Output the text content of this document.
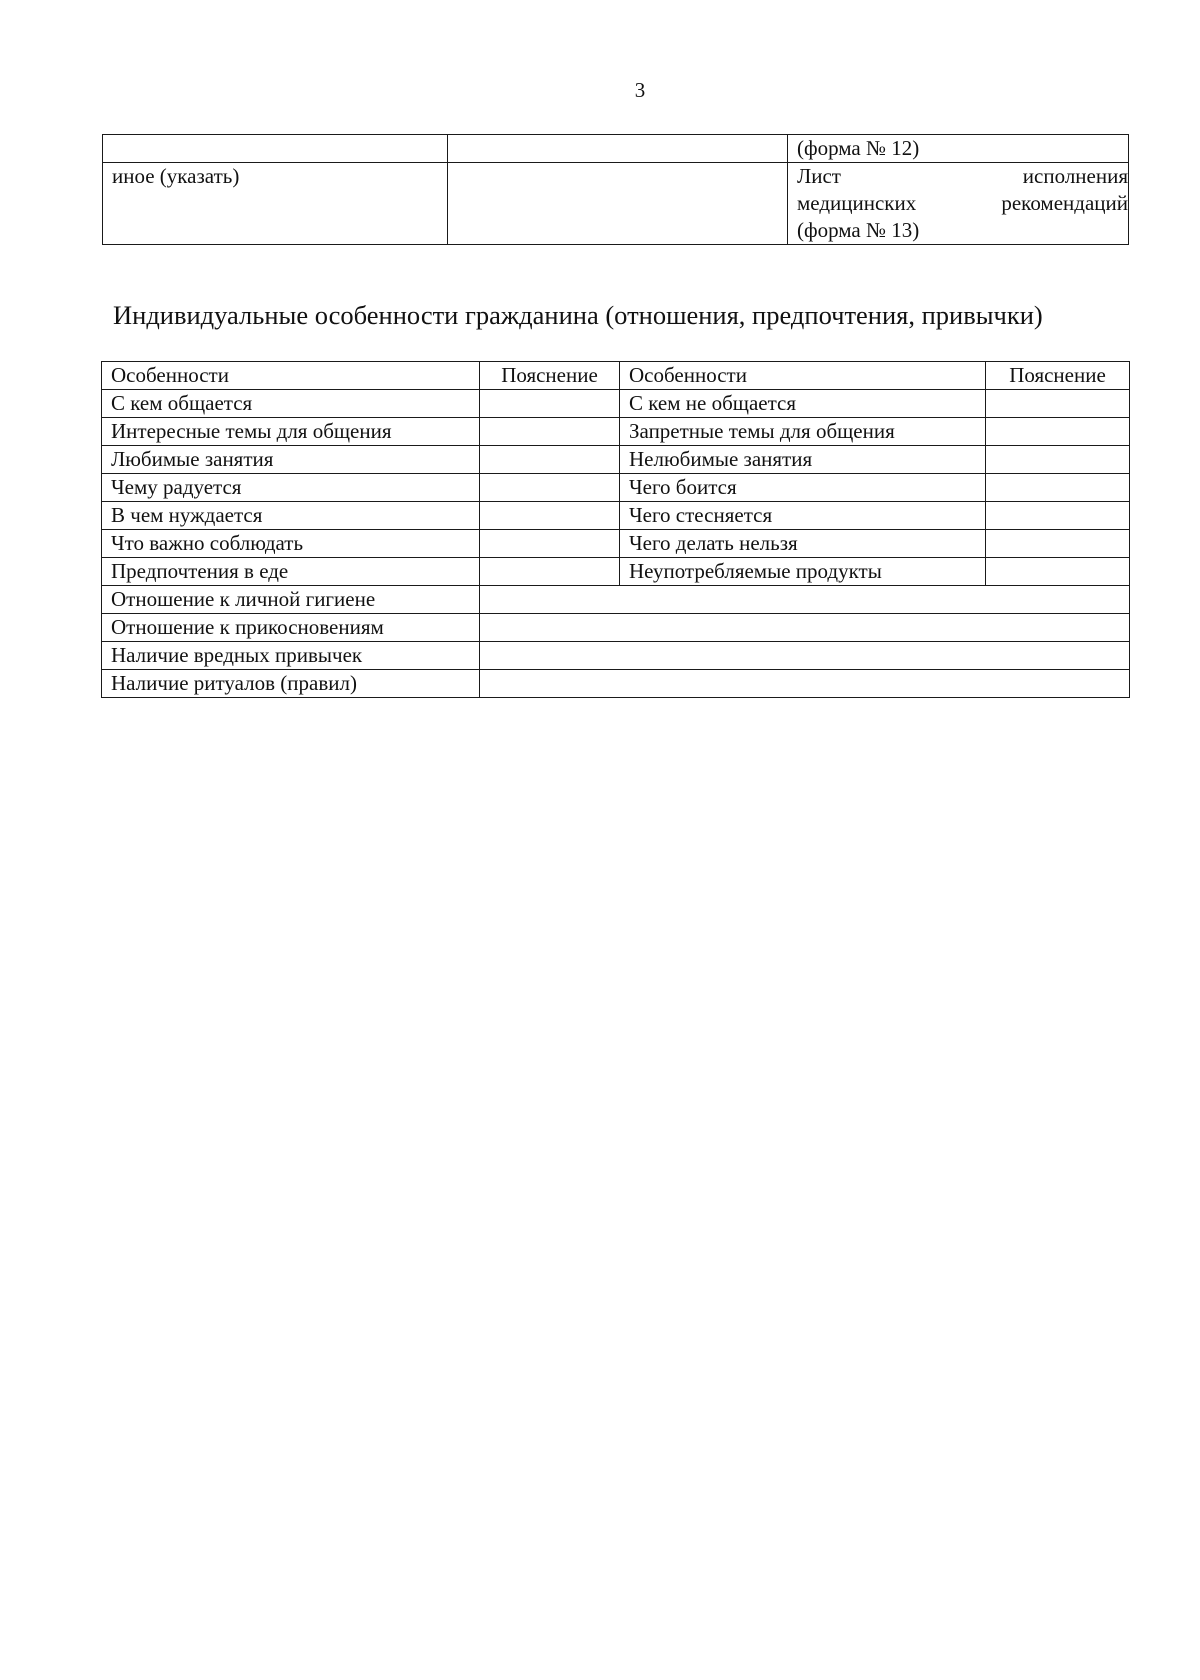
3
		(форма № 12)
иное (указать)		Лист исполнения
медицинских рекомендаций
(форма № 13)
Индивидуальные особенности гражданина (отношения, предпочтения, привычки)
Особенности	Пояснение	Особенности	Пояснение
С кем общается		С кем не общается	
Интересные темы для общения		Запретные темы для общения	
Любимые занятия		Нелюбимые занятия	
Чему радуется		Чего боится	
В чем нуждается		Чего стесняется	
Что важно соблюдать		Чего делать нельзя	
Предпочтения в еде		Неупотребляемые продукты	
Отношение к личной гигиене			
Отношение к прикосновениям			
Наличие вредных привычек			
Наличие ритуалов (правил)			
